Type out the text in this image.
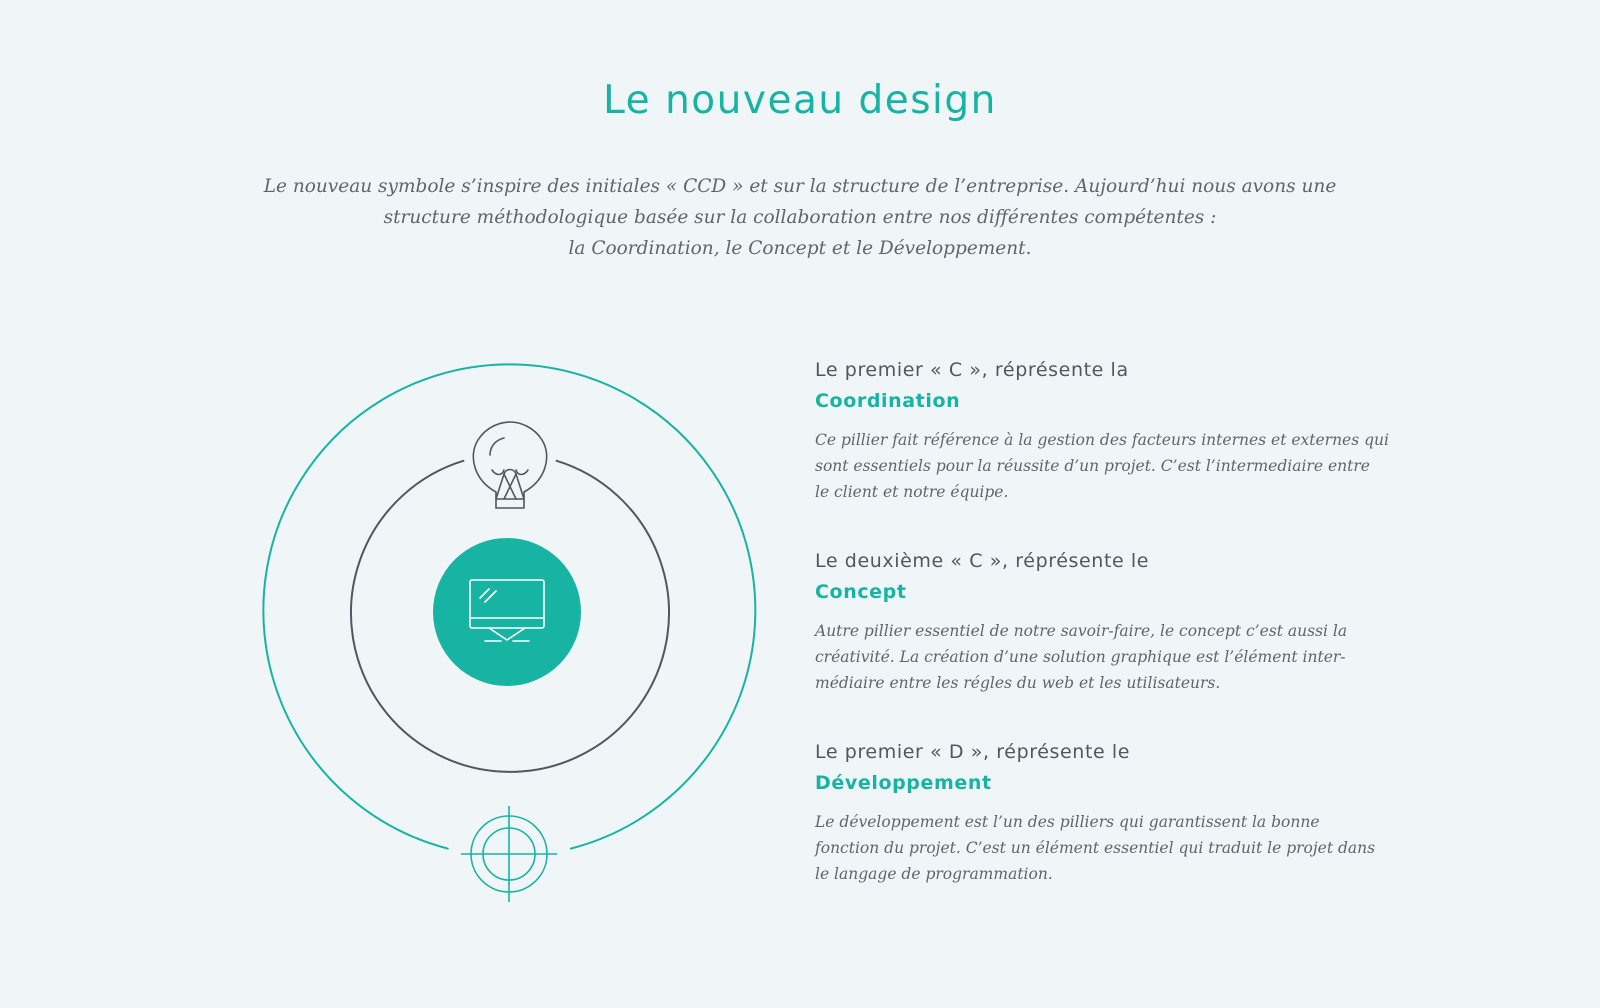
Le nouveau design

Le nouveau symbole s’inspire des initiales « CCD » et sur la structure de l’entreprise. Aujourd’hui nous avons une
structure méthodologique basée sur la collaboration entre nos différentes compétentes :
la Coordination, le Concept et le Développement.

Le premier « C », réprésente la
Coordination

Ce pillier fait référence à la gestion des facteurs internes et externes qui
sont essentiels pour la réussite d’un projet. C’est l’intermediaire entre
le client et notre équipe.

Le deuxième « C », réprésente le
Concept

Autre pillier essentiel de notre savoir-faire, le concept c’est aussi la
créativité. La création d’une solution graphique est l’élément inter-
médiaire entre les régles du web et les utilisateurs.

Le premier « D », réprésente le
Développement

Le développement est l’un des pilliers qui garantissent la bonne
fonction du projet. C’est un élément essentiel qui traduit le projet dans
le langage de programmation.
